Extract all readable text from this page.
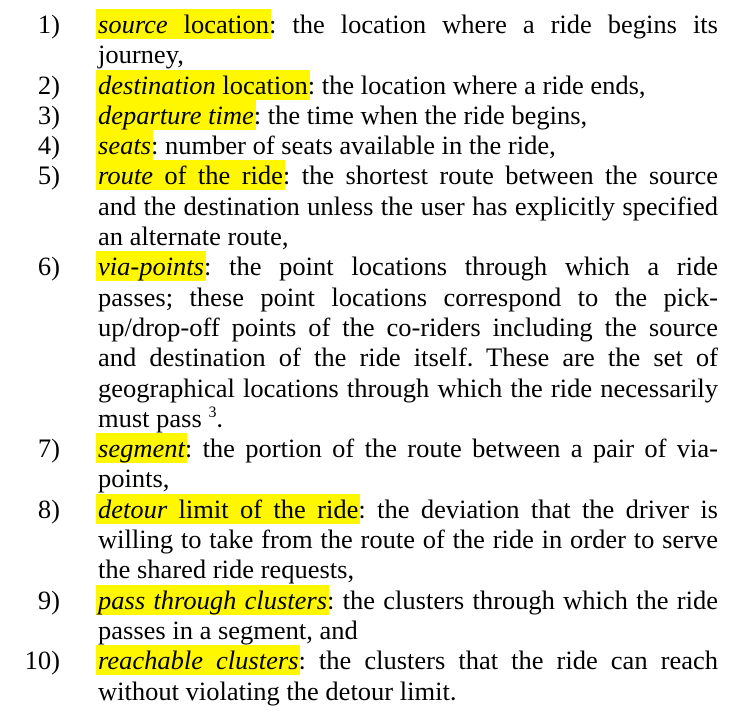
1) source location: the location where a ride begins its journey,
2) destination location: the location where a ride ends,
3) departure time: the time when the ride begins,
4) seats: number of seats available in the ride,
5) route of the ride: the shortest route between the source and the destination unless the user has explicitly specified an alternate route,
6) via-points: the point locations through which a ride passes; these point locations correspond to the pick-up/drop-off points of the co-riders including the source and destination of the ride itself. These are the set of geographical locations through which the ride necessarily must pass $^3$.
7) segment: the portion of the route between a pair of via-points,
8) detour limit of the ride: the deviation that the driver is willing to take from the route of the ride in order to serve the shared ride requests,
9) pass through clusters: the clusters through which the ride passes in a segment, and
10) reachable clusters: the clusters that the ride can reach without violating the detour limit.
